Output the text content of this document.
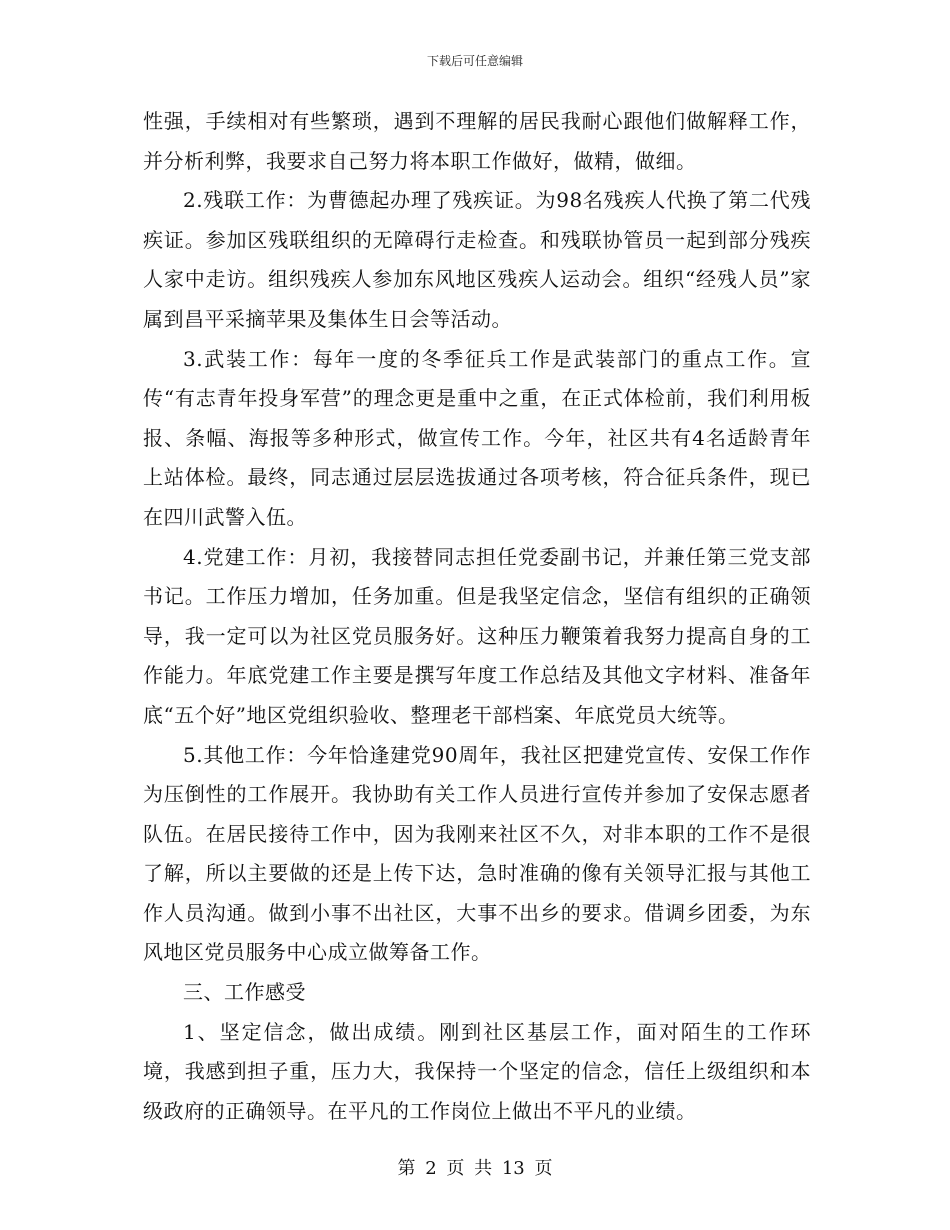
下载后可任意编辑

性强，手续相对有些繁琐，遇到不理解的居民我耐心跟他们做解释工作，并分析利弊，我要求自己努力将本职工作做好，做精，做细。

2.残联工作：为曹德起办理了残疾证。为98名残疾人代换了第二代残疾证。参加区残联组织的无障碍行走检查。和残联协管员一起到部分残疾人家中走访。组织残疾人参加东风地区残疾人运动会。组织“经残人员”家属到昌平采摘苹果及集体生日会等活动。

3.武装工作：每年一度的冬季征兵工作是武装部门的重点工作。宣传“有志青年投身军营”的理念更是重中之重，在正式体检前，我们利用板报、条幅、海报等多种形式，做宣传工作。今年，社区共有4名适龄青年上站体检。最终，同志通过层层选拔通过各项考核，符合征兵条件，现已在四川武警入伍。

4.党建工作：月初，我接替同志担任党委副书记，并兼任第三党支部书记。工作压力增加，任务加重。但是我坚定信念，坚信有组织的正确领导，我一定可以为社区党员服务好。这种压力鞭策着我努力提高自身的工作能力。年底党建工作主要是撰写年度工作总结及其他文字材料、准备年底“五个好”地区党组织验收、整理老干部档案、年底党员大统等。

5.其他工作：今年恰逢建党90周年，我社区把建党宣传、安保工作作为压倒性的工作展开。我协助有关工作人员进行宣传并参加了安保志愿者队伍。在居民接待工作中，因为我刚来社区不久，对非本职的工作不是很了解，所以主要做的还是上传下达，急时准确的像有关领导汇报与其他工作人员沟通。做到小事不出社区，大事不出乡的要求。借调乡团委，为东风地区党员服务中心成立做筹备工作。

三、工作感受

1、坚定信念，做出成绩。刚到社区基层工作，面对陌生的工作环境，我感到担子重，压力大，我保持一个坚定的信念，信任上级组织和本级政府的正确领导。在平凡的工作岗位上做出不平凡的业绩。

第 2 页 共 13 页
